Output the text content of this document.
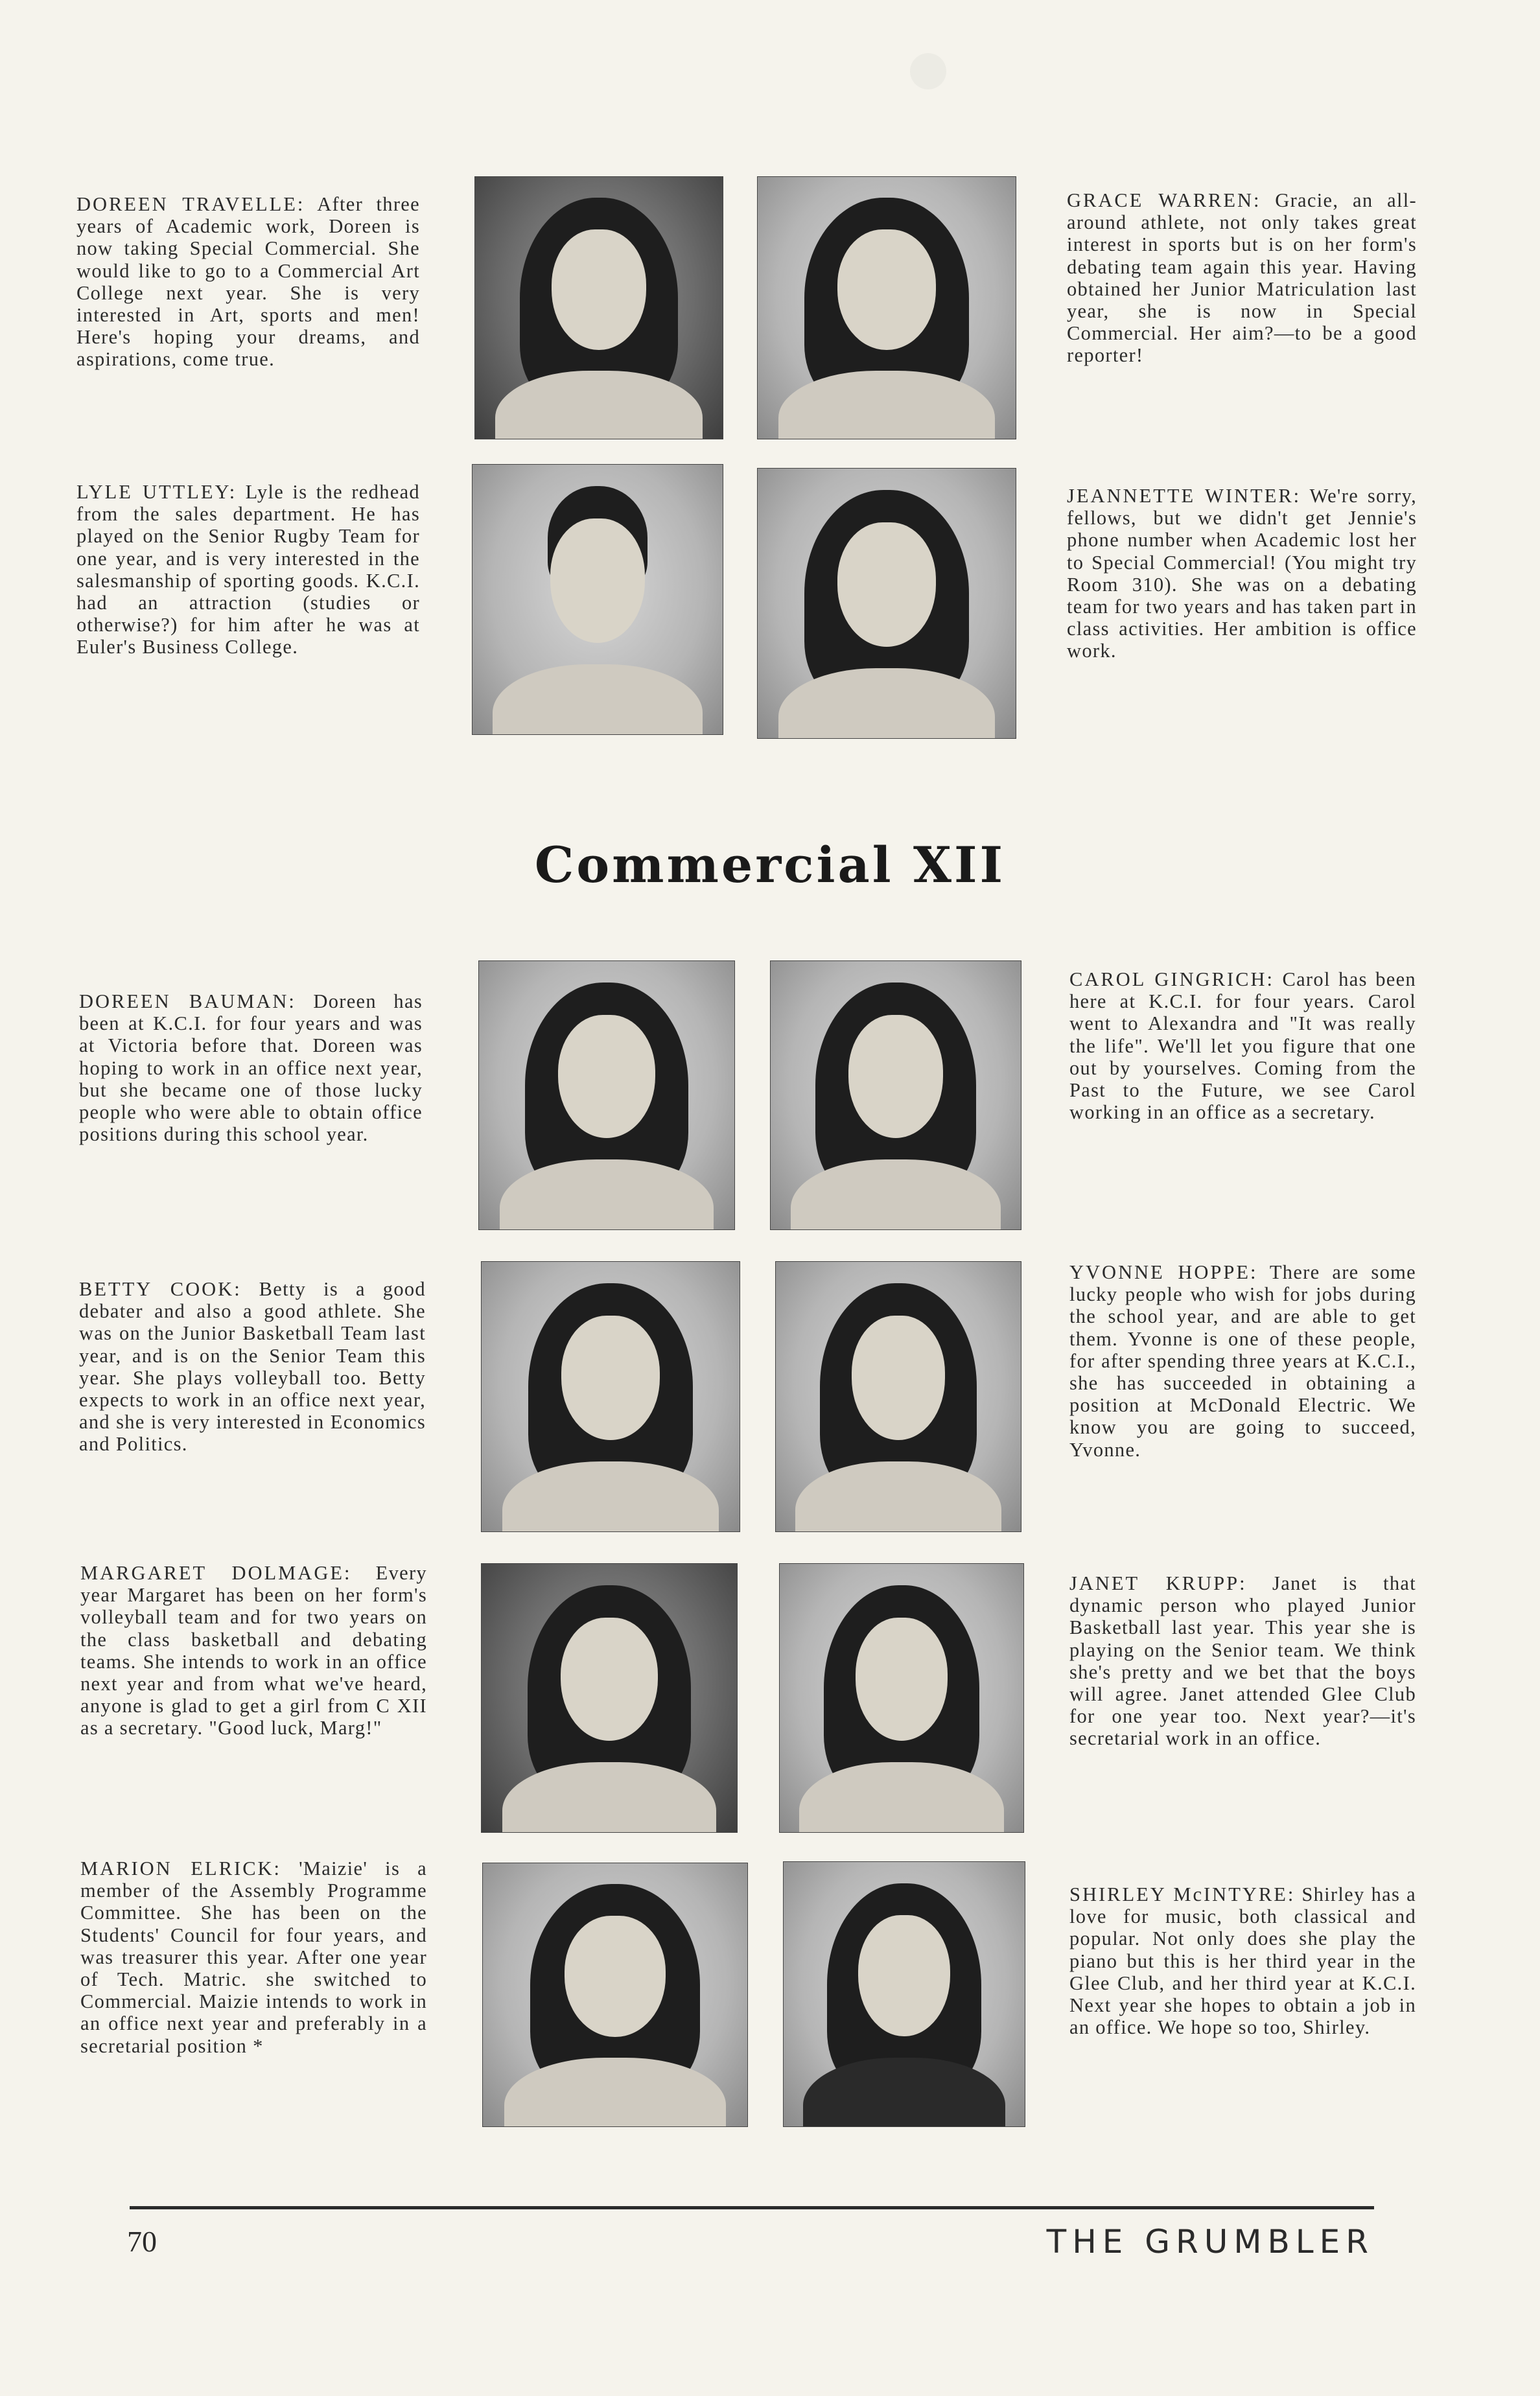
DOREEN TRAVELLE: After three years of Academic work, Doreen is now taking Special Commercial. She would like to go to a Commercial Art College next year. She is very interested in Art, sports and men! Here's hoping your dreams, and aspirations, come true.

GRACE WARREN: Gracie, an all-around athlete, not only takes great interest in sports but is on her form's debating team again this year. Having obtained her Junior Matriculation last year, she is now in Special Commercial. Her aim?—to be a good reporter!

LYLE UTTLEY: Lyle is the redhead from the sales department. He has played on the Senior Rugby Team for one year, and is very interested in the salesmanship of sporting goods. K.C.I. had an attraction (studies or otherwise?) for him after he was at Euler's Business College.

JEANNETTE WINTER: We're sorry, fellows, but we didn't get Jennie's phone number when Academic lost her to Special Commercial! (You might try Room 310). She was on a debating team for two years and has taken part in class activities. Her ambition is office work.

Commercial XII

DOREEN BAUMAN: Doreen has been at K.C.I. for four years and was at Victoria before that. Doreen was hoping to work in an office next year, but she became one of those lucky people who were able to obtain office positions during this school year.

CAROL GINGRICH: Carol has been here at K.C.I. for four years. Carol went to Alexandra and "It was really the life". We'll let you figure that one out by yourselves. Coming from the Past to the Future, we see Carol working in an office as a secretary.

BETTY COOK: Betty is a good debater and also a good athlete. She was on the Junior Basketball Team last year, and is on the Senior Team this year. She plays volleyball too. Betty expects to work in an office next year, and she is very interested in Economics and Politics.

YVONNE HOPPE: There are some lucky people who wish for jobs during the school year, and are able to get them. Yvonne is one of these people, for after spending three years at K.C.I., she has succeeded in obtaining a position at McDonald Electric. We know you are going to succeed, Yvonne.

MARGARET DOLMAGE: Every year Margaret has been on her form's volleyball team and for two years on the class basketball and debating teams. She intends to work in an office next year and from what we've heard, anyone is glad to get a girl from C XII as a secretary. "Good luck, Marg!"

JANET KRUPP: Janet is that dynamic person who played Junior Basketball last year. This year she is playing on the Senior team. We think she's pretty and we bet that the boys will agree. Janet attended Glee Club for one year too. Next year?—it's secretarial work in an office.

MARION ELRICK: 'Maizie' is a member of the Assembly Programme Committee. She has been on the Students' Council for four years, and was treasurer this year. After one year of Tech. Matric. she switched to Commercial. Maizie intends to work in an office next year and preferably in a secretarial position *

SHIRLEY McINTYRE: Shirley has a love for music, both classical and popular. Not only does she play the piano but this is her third year in the Glee Club, and her third year at K.C.I. Next year she hopes to obtain a job in an office. We hope so too, Shirley.

70	THE GRUMBLER
